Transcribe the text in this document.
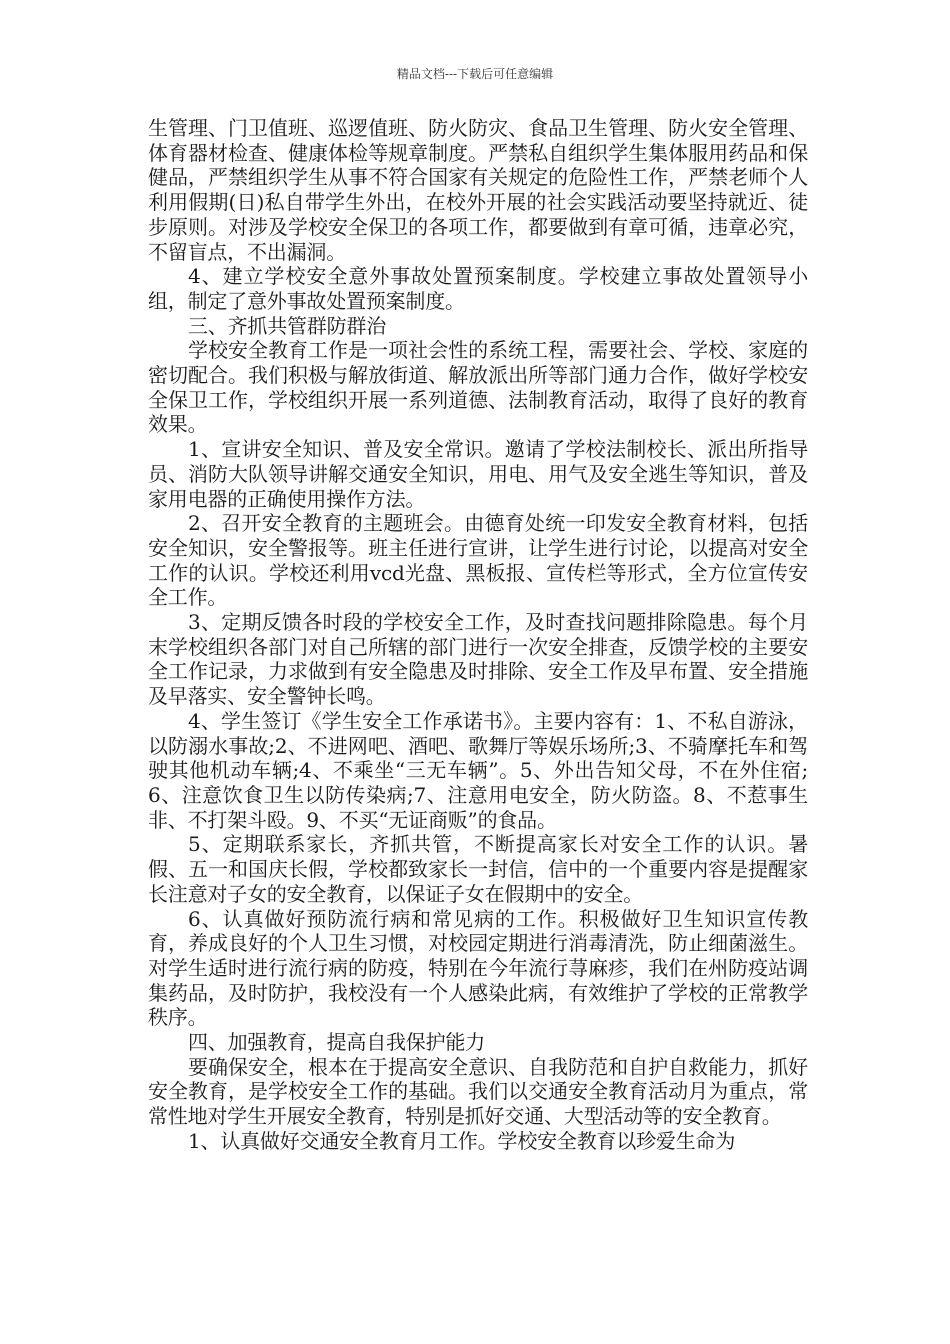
精品文档---下载后可任意编辑

生管理、门卫值班、巡逻值班、防火防灾、食品卫生管理、防火安全管理、体育器材检查、健康体检等规章制度。严禁私自组织学生集体服用药品和保健品，严禁组织学生从事不符合国家有关规定的危险性工作，严禁老师个人利用假期(日)私自带学生外出，在校外开展的社会实践活动要坚持就近、徒步原则。对涉及学校安全保卫的各项工作，都要做到有章可循，违章必究，不留盲点，不出漏洞。

4、建立学校安全意外事故处置预案制度。学校建立事故处置领导小组，制定了意外事故处置预案制度。

三、齐抓共管群防群治

学校安全教育工作是一项社会性的系统工程，需要社会、学校、家庭的密切配合。我们积极与解放街道、解放派出所等部门通力合作，做好学校安全保卫工作，学校组织开展一系列道德、法制教育活动，取得了良好的教育效果。

1、宣讲安全知识、普及安全常识。邀请了学校法制校长、派出所指导员、消防大队领导讲解交通安全知识，用电、用气及安全逃生等知识，普及家用电器的正确使用操作方法。

2、召开安全教育的主题班会。由德育处统一印发安全教育材料，包括安全知识，安全警报等。班主任进行宣讲，让学生进行讨论，以提高对安全工作的认识。学校还利用vcd光盘、黑板报、宣传栏等形式，全方位宣传安全工作。

3、定期反馈各时段的学校安全工作，及时查找问题排除隐患。每个月末学校组织各部门对自己所辖的部门进行一次安全排查，反馈学校的主要安全工作记录，力求做到有安全隐患及时排除、安全工作及早布置、安全措施及早落实、安全警钟长鸣。

4、学生签订《学生安全工作承诺书》。主要内容有：1、不私自游泳，以防溺水事故;2、不进网吧、酒吧、歌舞厅等娱乐场所;3、不骑摩托车和驾驶其他机动车辆;4、不乘坐“三无车辆”。5、外出告知父母，不在外住宿;6、注意饮食卫生以防传染病;7、注意用电安全，防火防盗。8、不惹事生非、不打架斗殴。9、不买“无证商贩”的食品。

5、定期联系家长，齐抓共管，不断提高家长对安全工作的认识。暑假、五一和国庆长假，学校都致家长一封信，信中的一个重要内容是提醒家长注意对子女的安全教育，以保证子女在假期中的安全。

6、认真做好预防流行病和常见病的工作。积极做好卫生知识宣传教育，养成良好的个人卫生习惯，对校园定期进行消毒清洗，防止细菌滋生。对学生适时进行流行病的防疫，特别在今年流行荨麻疹，我们在州防疫站调集药品，及时防护，我校没有一个人感染此病，有效维护了学校的正常教学秩序。

四、加强教育，提高自我保护能力

要确保安全，根本在于提高安全意识、自我防范和自护自救能力，抓好安全教育，是学校安全工作的基础。我们以交通安全教育活动月为重点，常常性地对学生开展安全教育，特别是抓好交通、大型活动等的安全教育。

1、认真做好交通安全教育月工作。学校安全教育以珍爱生命为
